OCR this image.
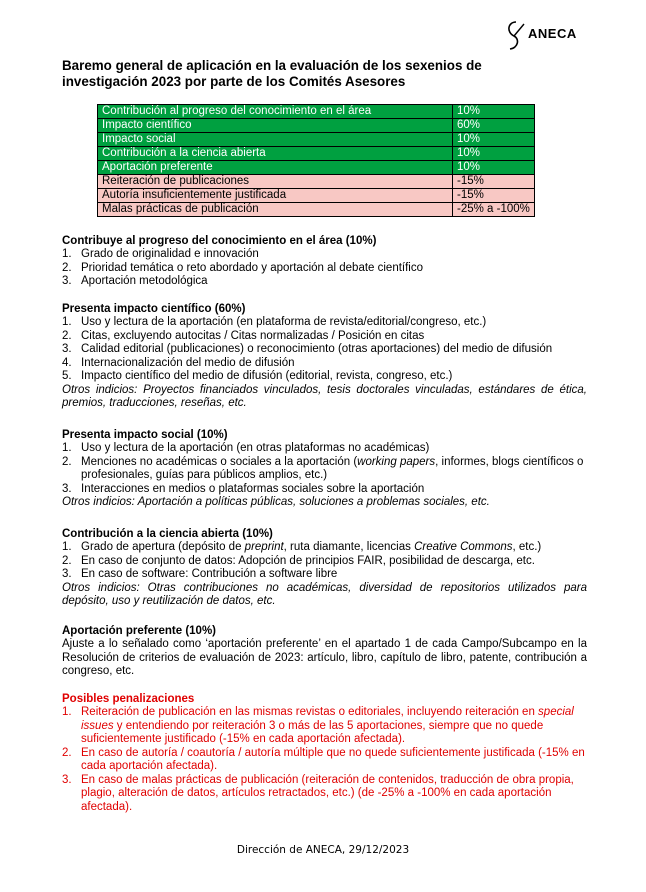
ANECA
Baremo general de aplicación en la evaluación de los sexenios de investigación 2023 por parte de los Comités Asesores
Contribución al progreso del conocimiento en el área	10%
Impacto científico	60%
Impacto social	10%
Contribución a la ciencia abierta	10%
Aportación preferente	10%
Reiteración de publicaciones	-15%
Autoría insuficientemente justificada	-15%
Malas prácticas de publicación	-25% a -100%
Contribuye al progreso del conocimiento en el área (10%)
1. Grado de originalidad e innovación
2. Prioridad temática o reto abordado y aportación al debate científico
3. Aportación metodológica
Presenta impacto científico (60%)
1. Uso y lectura de la aportación (en plataforma de revista/editorial/congreso, etc.)
2. Citas, excluyendo autocitas / Citas normalizadas / Posición en citas
3. Calidad editorial (publicaciones) o reconocimiento (otras aportaciones) del medio de difusión
4. Internacionalización del medio de difusión
5. Impacto científico del medio de difusión (editorial, revista, congreso, etc.)
Otros indicios: Proyectos financiados vinculados, tesis doctorales vinculadas, estándares de ética, premios, traducciones, reseñas, etc.
Presenta impacto social (10%)
1. Uso y lectura de la aportación (en otras plataformas no académicas)
2. Menciones no académicas o sociales a la aportación (working papers, informes, blogs científicos o profesionales, guías para públicos amplios, etc.)
3. Interacciones en medios o plataformas sociales sobre la aportación
Otros indicios: Aportación a políticas públicas, soluciones a problemas sociales, etc.
Contribución a la ciencia abierta (10%)
1. Grado de apertura (depósito de preprint, ruta diamante, licencias Creative Commons, etc.)
2. En caso de conjunto de datos: Adopción de principios FAIR, posibilidad de descarga, etc.
3. En caso de software: Contribución a software libre
Otros indicios: Otras contribuciones no académicas, diversidad de repositorios utilizados para depósito, uso y reutilización de datos, etc.
Aportación preferente (10%)

Ajuste a lo señalado como ‘aportación preferente’ en el apartado 1 de cada Campo/Subcampo en la Resolución de criterios de evaluación de 2023: artículo, libro, capítulo de libro, patente, contribución a congreso, etc.

Posibles penalizaciones
1. Reiteración de publicación en las mismas revistas o editoriales, incluyendo reiteración en special issues y entendiendo por reiteración 3 o más de las 5 aportaciones, siempre que no quede suficientemente justificado (-15% en cada aportación afectada).
2. En caso de autoría / coautoría / autoría múltiple que no quede suficientemente justificada (-15% en cada aportación afectada).
3. En caso de malas prácticas de publicación (reiteración de contenidos, traducción de obra propia, plagio, alteración de datos, artículos retractados, etc.) (de -25% a -100% en cada aportación afectada).
Dirección de ANECA, 29/12/2023
